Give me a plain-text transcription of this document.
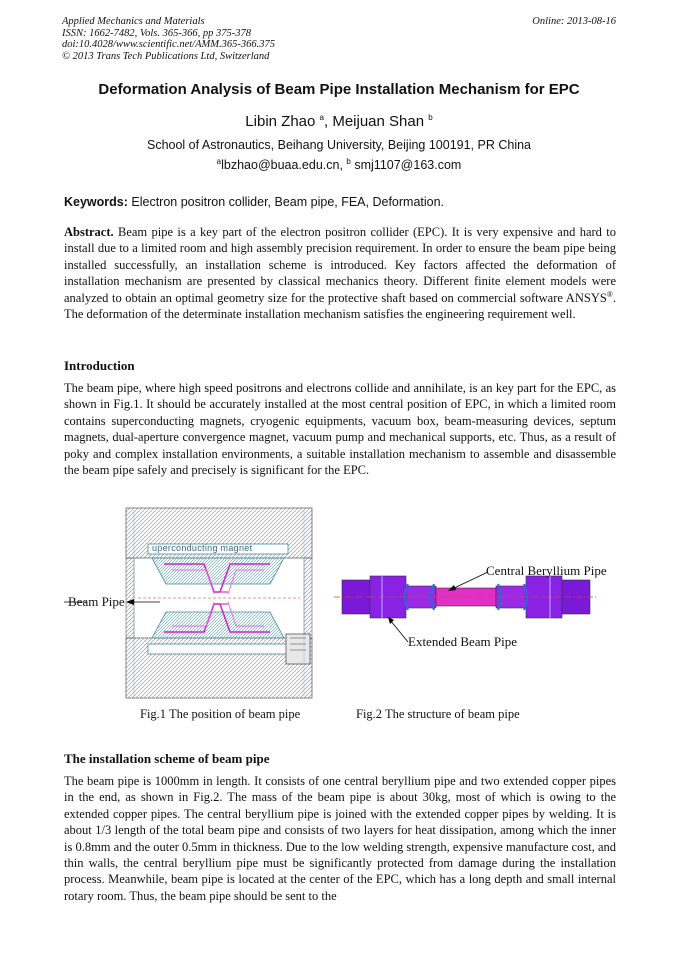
Applied Mechanics and Materials
ISSN: 1662-7482, Vols. 365-366, pp 375-378
doi:10.4028/www.scientific.net/AMM.365-366.375
© 2013 Trans Tech Publications Ltd, Switzerland
Online: 2013-08-16
Deformation Analysis of Beam Pipe Installation Mechanism for EPC
Libin Zhao $^a$, Meijuan Shan $^b$
School of Astronautics, Beihang University, Beijing 100191, PR China
$^a$lbzhao@buaa.edu.cn, $^b$ smj1107@163.com
Keywords: Electron positron collider, Beam pipe, FEA, Deformation.
Abstract. Beam pipe is a key part of the electron positron collider (EPC). It is very expensive and hard to install due to a limited room and high assembly precision requirement. In order to ensure the beam pipe being installed successfully, an installation scheme is introduced. Key factors affected the deformation of installation mechanism are presented by classical mechanics theory. Different finite element models were analyzed to obtain an optimal geometry size for the protective shaft based on commercial software ANSYS®. The deformation of the determinate installation mechanism satisfies the engineering requirement well.
Introduction
The beam pipe, where high speed positrons and electrons collide and annihilate, is an key part for the EPC, as shown in Fig.1. It should be accurately installed at the most central position of EPC, in which a limited room contains superconducting magnets, cryogenic equipments, vacuum box, beam-measuring devices, septum magnets, dual-aperture convergence magnet, vacuum pump and mechanical supports, etc. Thus, as a result of poky and complex installation environments, a suitable installation mechanism to assemble and disassemble the beam pipe safely and precisely is significant for the EPC.
uperconducting magnet
Beam Pipe
Central Beryllium Pipe
Extended Beam Pipe
Fig.1 The position of beam pipe	Fig.2 The structure of beam pipe
The installation scheme of beam pipe
The beam pipe is 1000mm in length. It consists of one central beryllium pipe and two extended copper pipes in the end, as shown in Fig.2. The mass of the beam pipe is about 30kg, most of which is owing to the extended copper pipes. The central beryllium pipe is joined with the extended copper pipes by welding. It is about 1/3 length of the total beam pipe and consists of two layers for heat dissipation, among which the inner is 0.8mm and the outer 0.5mm in thickness. Due to the low welding strength, expensive manufacture cost, and thin walls, the central beryllium pipe must be significantly protected from damage during the installation process. Meanwhile, beam pipe is located at the center of the EPC, which has a long depth and small internal rotary room. Thus, the beam pipe should be sent to the
